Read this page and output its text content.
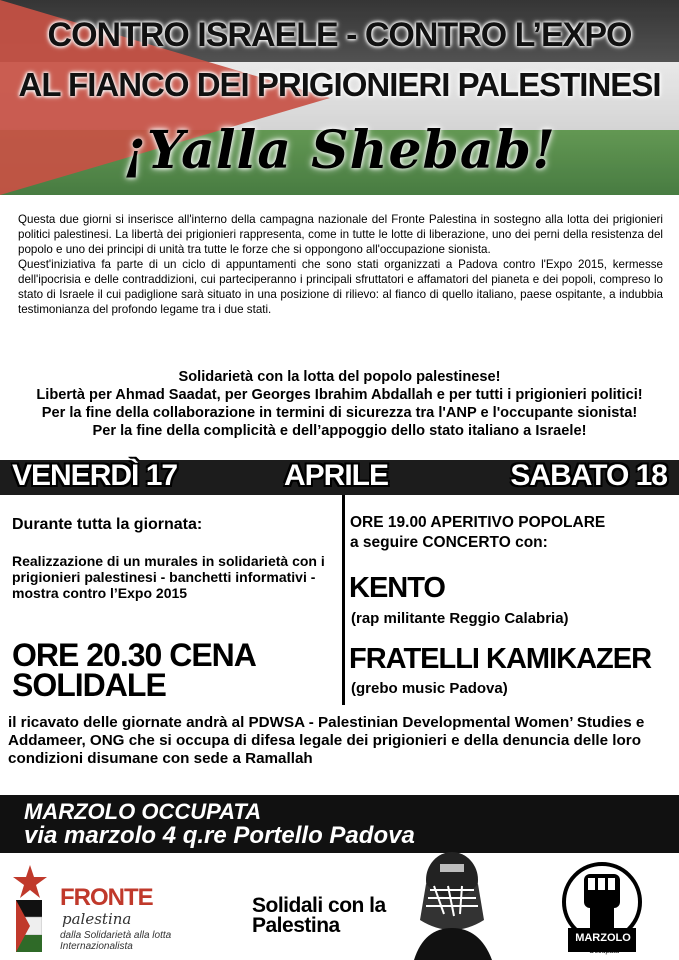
CONTRO ISRAELE - CONTRO L’EXPO
AL FIANCO DEI PRIGIONIERI PALESTINESI
¡Yalla Shebab!

Questa due giorni si inserisce all'interno della campagna nazionale del Fronte Palestina in sostegno alla lotta dei prigionieri politici palestinesi. La libertà dei prigionieri rappresenta, come in tutte le lotte di liberazione, uno dei perni della resistenza del popolo e uno dei principi di unità tra tutte le forze che si oppongono all'occupazione sionista.

Quest'iniziativa fa parte di un ciclo di appuntamenti che sono stati organizzati a Padova contro l'Expo 2015, kermesse dell'ipocrisia e delle contraddizioni, cui parteciperanno i principali sfruttatori e affamatori del pianeta e dei popoli, compreso lo stato di Israele il cui padiglione sarà situato in una posizione di rilievo: al fianco di quello italiano, paese ospitante, a indubbia testimonianza del profondo legame tra i due stati.

Solidarietà con la lotta del popolo palestinese!
Libertà per Ahmad Saadat, per Georges Ibrahim Abdallah e per tutti i prigionieri politici!
Per la fine della collaborazione in termini di sicurezza tra l'ANP e l'occupante sionista!
Per la fine della complicità e dell’appoggio dello stato italiano a Israele!
VENERDÌ 17	APRILE	SABATO 18
Durante tutta la giornata:
Realizzazione di un murales in solidarietà con i prigionieri palestinesi - banchetti informativi - mostra contro l’Expo 2015
ORE 20.30 CENA
SOLIDALE
ORE 19.00 APERITIVO POPOLARE
a seguire CONCERTO con:
KENTO
(rap militante Reggio Calabria)
FRATELLI KAMIKAZER
(grebo music Padova)
il ricavato delle giornate andrà al PDWSA - Palestinian Developmental Women’ Studies e Addameer, ONG che si occupa di difesa legale dei prigionieri e della denuncia delle loro condizioni disumane con sede a Ramallah
MARZOLO OCCUPATA
via marzolo 4 q.re Portello Padova
FRONTE
palestina
dalla Solidarietà alla lotta Internazionalista
Solidali con la
Palestina
MARZOLO
Occupata
